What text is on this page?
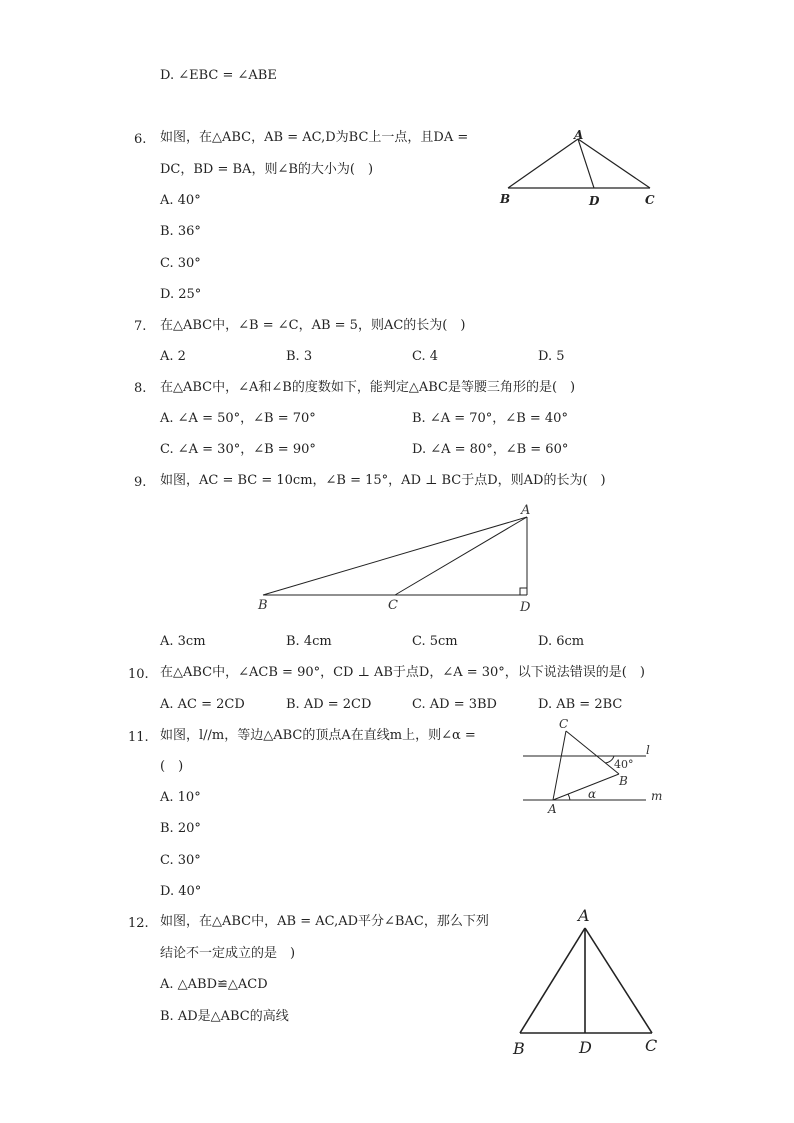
D. ∠EBC = ∠ABE
6. 如图，在△ABC，AB = AC,D为BC上一点，且DA =
DC，BD = BA，则∠B的大小为(　)
A. 40°
B. 36°
C. 30°
D. 25°
A
B	D	C
7. 在△ABC中，∠B = ∠C，AB = 5，则AC的长为(　)
A. 2	B. 3	C. 4	D. 5
8. 在△ABC中，∠A和∠B的度数如下，能判定△ABC是等腰三角形的是(　)
A. ∠A = 50°，∠B = 70°	B. ∠A = 70°，∠B = 40°
C. ∠A = 30°，∠B = 90°	D. ∠A = 80°，∠B = 60°
9. 如图，AC = BC = 10cm，∠B = 15°，AD ⊥ BC于点D，则AD的长为(　)
A
B	C	D
A. 3cm	B. 4cm	C. 5cm	D. 6cm
10. 在△ABC中，∠ACB = 90°，CD ⊥ AB于点D，∠A = 30°，以下说法错误的是(　)
A. AC = 2CD	B. AD = 2CD	C. AD = 3BD	D. AB = 2BC
11. 如图，l//m，等边△ABC的顶点A在直线m上，则∠α =
(　)
A. 10°
B. 20°
C. 30°
D. 40°
C
l
40°
B
α	m
A
12. 如图，在△ABC中，AB = AC,AD平分∠BAC，那么下列
结论不一定成立的是　)
A. △ABD≌△ACD
B. AD是△ABC的高线
A
B	D	C
